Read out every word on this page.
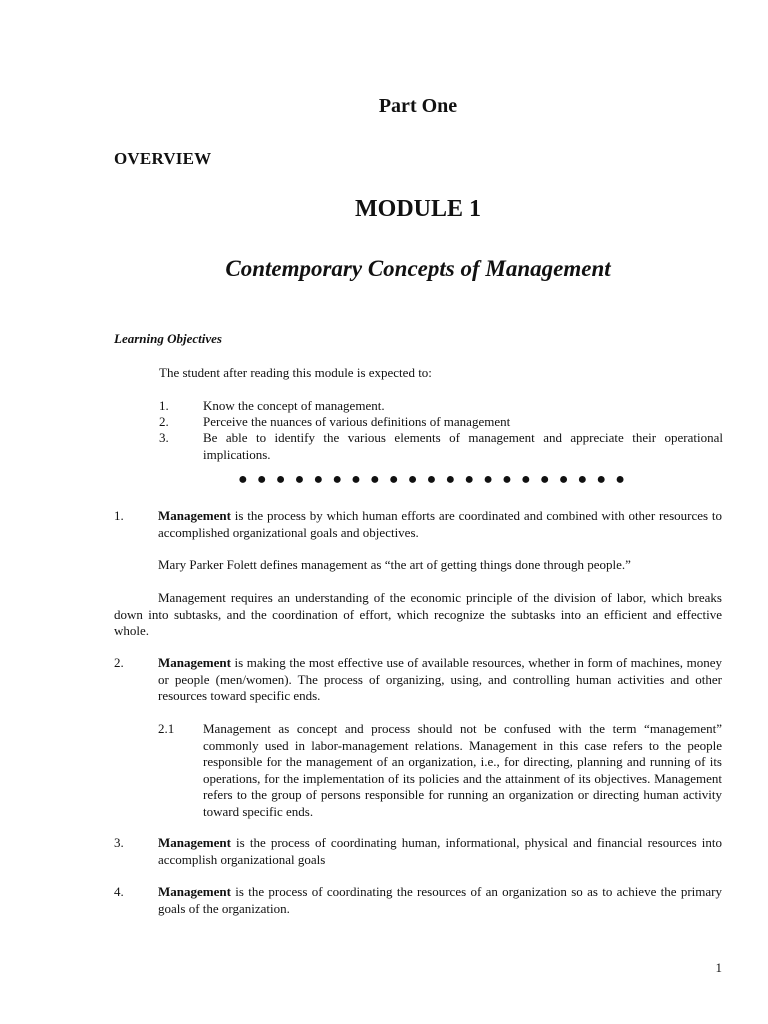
Part One
OVERVIEW
MODULE 1
Contemporary Concepts of Management
Learning Objectives
The student after reading this module is expected to:
1.	Know the concept of management.
2.	Perceive the nuances of various definitions of management
3.	Be able to identify the various elements of management and appreciate their operational implications.
●●●●●●●●●●●●●●●●●●●●●
1.	Management is the process by which human efforts are coordinated and combined with other resources to accomplished organizational goals and objectives.
Mary Parker Folett defines management as “the art of getting things done through people.”
Management requires an understanding of the economic principle of the division of labor, which breaks down into subtasks, and the coordination of effort, which recognize the subtasks into an efficient and effective whole.
2.	Management is making the most effective use of available resources, whether in form of machines, money or people (men/women). The process of organizing, using, and controlling human activities and other resources toward specific ends.
2.1 Management as concept and process should not be confused with the term “management” commonly used in labor-management relations. Management in this case refers to the people responsible for the management of an organization, i.e., for directing, planning and running of its operations, for the implementation of its policies and the attainment of its objectives. Management refers to the group of persons responsible for running an organization or directing human activity toward specific ends.
3.	Management is the process of coordinating human, informational, physical and financial resources into accomplish organizational goals
4.	Management is the process of coordinating the resources of an organization so as to achieve the primary goals of the organization.
1
